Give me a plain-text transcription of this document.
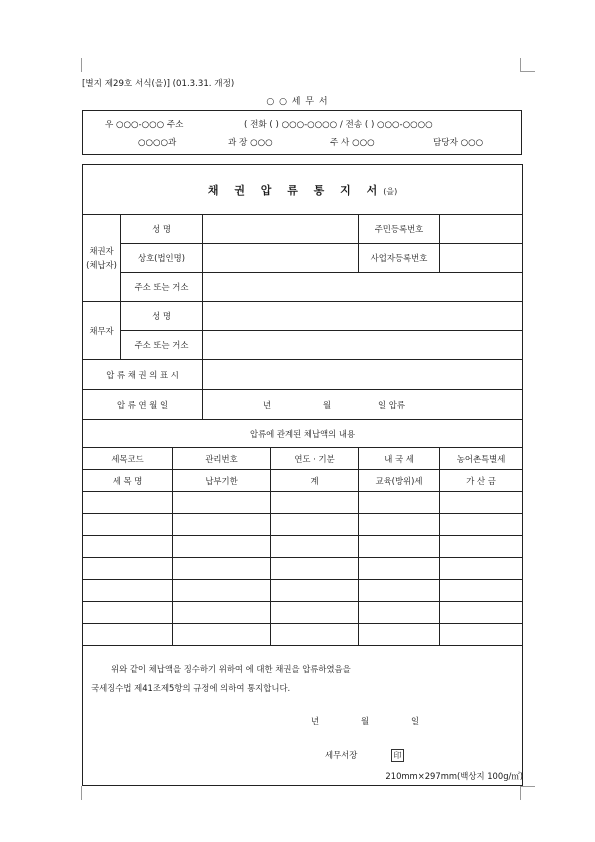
[별지 제29호 서식(을)] (01.3.31. 개정)
○ ○ 세 무 서
우 ○○○-○○○ 주소	( 전화 ( ) ○○○-○○○○ / 전송 ( ) ○○○-○○○○
○○○○과	과 장 ○○○	주 사 ○○○	담당자 ○○○
채 권 압 류 통 지 서(을)						
채권자
(체납자)	성 명				주민등록번호	
	상호(법인명)				사업자등록번호	
	주소 또는 거소					
채무자	성 명					
	주소 또는 거소					
압 류 채 권 의 표 시						
압 류 연 월 일			년 월 일 압류			
압류에 관계된 체납액의 내용						
세목코드		관리번호		연도 · 기분	내 국 세	농어촌특별세
세 목 명		납부기한		계	교육(방위)세	가 산 금

위와 같이 체납액을 징수하기 위하여 에 대한 채권을 압류하였음을
국세징수법 제41조제5항의 규정에 의하여 통지합니다.
년 월 일
세무서장 印						
210mm×297mm(백상지 100g/㎡)
